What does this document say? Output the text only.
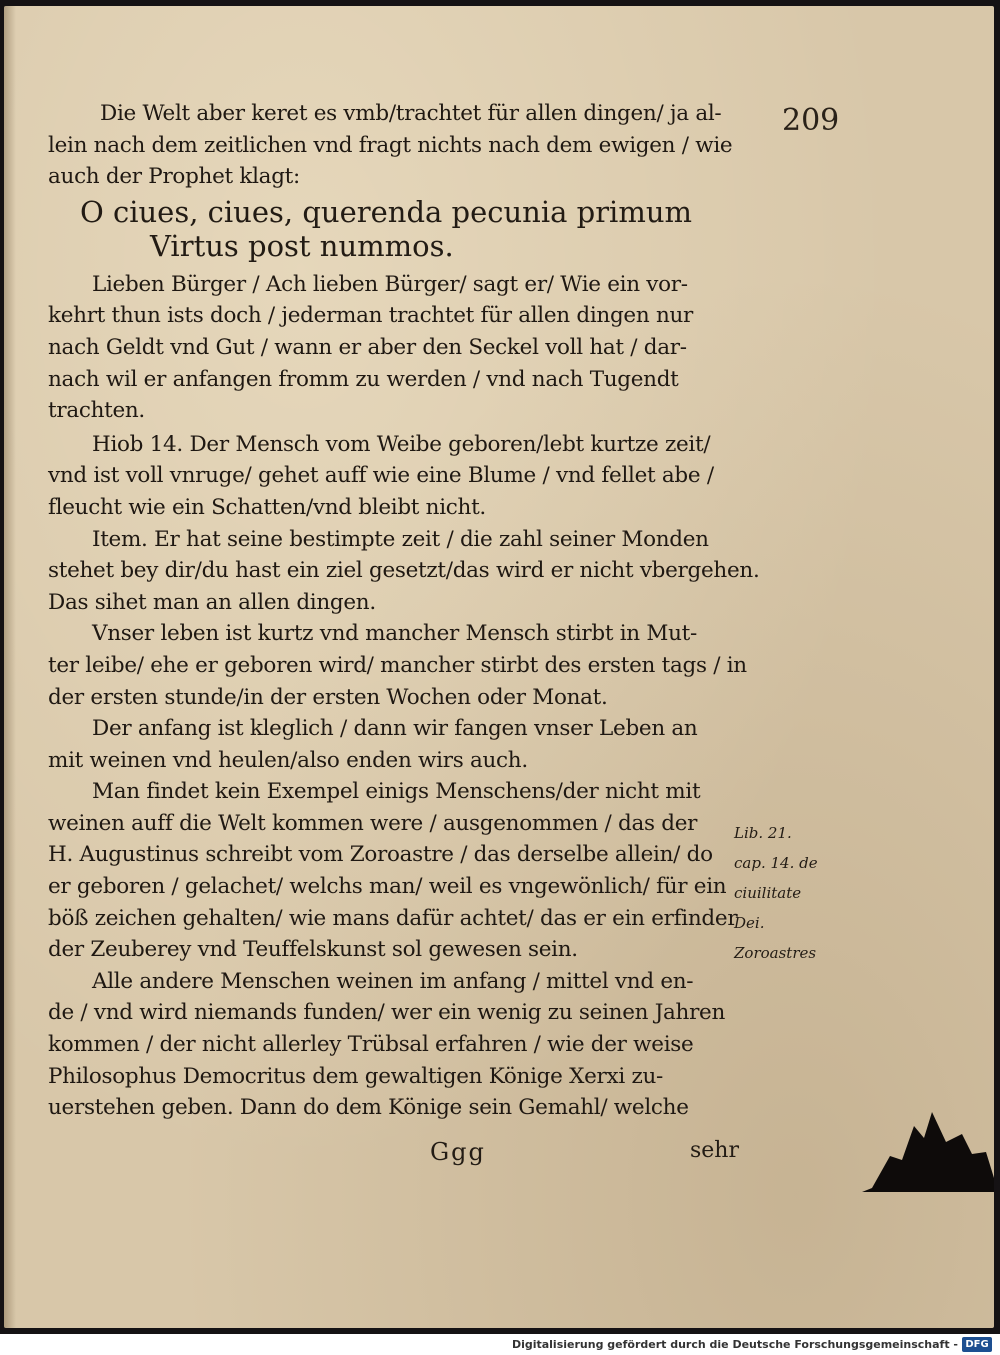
209
Die Welt aber keret es vmb/trachtet für allen dingen/ ja al-
lein nach dem zeitlichen vnd fragt nichts nach dem ewigen / wie
auch der Prophet klagt:
O ciues, ciues, querenda pecunia primum
Virtus post nummos.
Lieben Bürger / Ach lieben Bürger/ sagt er/ Wie ein vor-
kehrt thun ists doch / jederman trachtet für allen dingen nur
nach Geldt vnd Gut / wann er aber den Seckel voll hat / dar-
nach wil er anfangen fromm zu werden / vnd nach Tugendt
trachten.
Hiob 14. Der Mensch vom Weibe geboren/lebt kurtze zeit/
vnd ist voll vnruge/ gehet auff wie eine Blume / vnd fellet abe /
fleucht wie ein Schatten/vnd bleibt nicht.
Item. Er hat seine bestimpte zeit / die zahl seiner Monden
stehet bey dir/du hast ein ziel gesetzt/das wird er nicht vbergehen.
Das sihet man an allen dingen.
Vnser leben ist kurtz vnd mancher Mensch stirbt in Mut-
ter leibe/ ehe er geboren wird/ mancher stirbt des ersten tags / in
der ersten stunde/in der ersten Wochen oder Monat.
Der anfang ist kleglich / dann wir fangen vnser Leben an
mit weinen vnd heulen/also enden wirs auch.
Man findet kein Exempel einigs Menschens/der nicht mit
weinen auff die Welt kommen were / ausgenommen / das der
H. Augustinus schreibt vom Zoroastre / das derselbe allein/ do
er geboren / gelachet/ welchs man/ weil es vngewönlich/ für ein
böß zeichen gehalten/ wie mans dafür achtet/ das er ein erfinder
der Zeuberey vnd Teuffelskunst sol gewesen sein.
Alle andere Menschen weinen im anfang / mittel vnd en-
de / vnd wird niemands funden/ wer ein wenig zu seinen Jahren
kommen / der nicht allerley Trübsal erfahren / wie der weise
Philosophus Democritus dem gewaltigen Könige Xerxi zu-
uerstehen geben. Dann do dem Könige sein Gemahl/ welche
Lib. 21.
cap. 14. de
ciuilitate
Dei.
Zoroastres
Ggg	sehr
Digitalisierung gefördert durch die Deutsche Forschungsgemeinschaft - DFG
